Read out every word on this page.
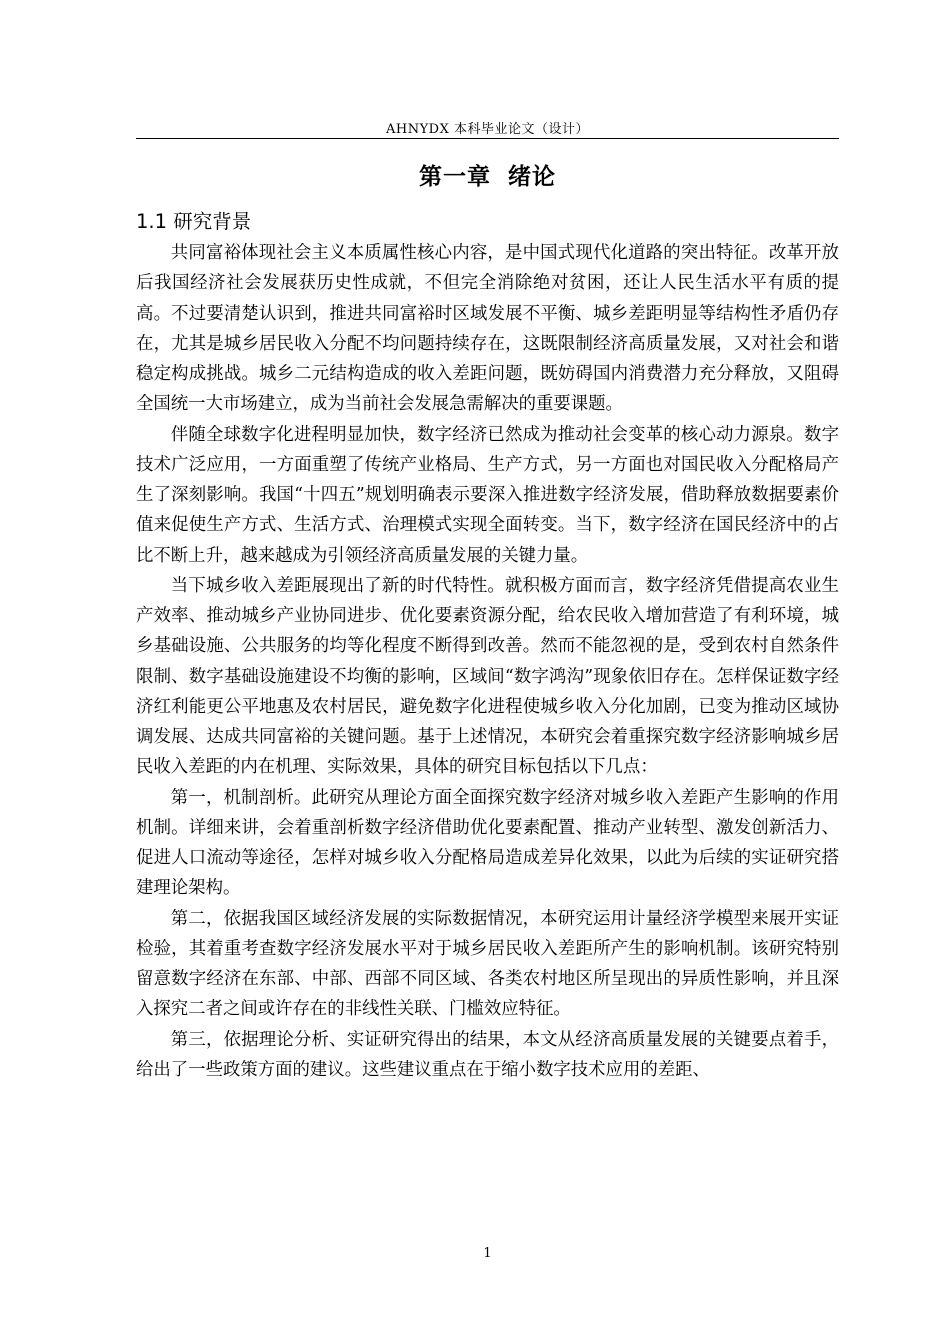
AHNYDX 本科毕业论文（设计）
第一章 绪论
1.1 研究背景

共同富裕体现社会主义本质属性核心内容，是中国式现代化道路的突出特征。改革开放后我国经济社会发展获历史性成就，不但完全消除绝对贫困，还让人民生活水平有质的提高。不过要清楚认识到，推进共同富裕时区域发展不平衡、城乡差距明显等结构性矛盾仍存在，尤其是城乡居民收入分配不均问题持续存在，这既限制经济高质量发展，又对社会和谐稳定构成挑战。城乡二元结构造成的收入差距问题，既妨碍国内消费潜力充分释放，又阻碍全国统一大市场建立，成为当前社会发展急需解决的重要课题。

伴随全球数字化进程明显加快，数字经济已然成为推动社会变革的核心动力源泉。数字技术广泛应用，一方面重塑了传统产业格局、生产方式，另一方面也对国民收入分配格局产生了深刻影响。我国“十四五”规划明确表示要深入推进数字经济发展，借助释放数据要素价值来促使生产方式、生活方式、治理模式实现全面转变。当下，数字经济在国民经济中的占比不断上升，越来越成为引领经济高质量发展的关键力量。

当下城乡收入差距展现出了新的时代特性。就积极方面而言，数字经济凭借提高农业生产效率、推动城乡产业协同进步、优化要素资源分配，给农民收入增加营造了有利环境，城乡基础设施、公共服务的均等化程度不断得到改善。然而不能忽视的是，受到农村自然条件限制、数字基础设施建设不均衡的影响，区域间“数字鸿沟”现象依旧存在。怎样保证数字经济红利能更公平地惠及农村居民，避免数字化进程使城乡收入分化加剧，已变为推动区域协调发展、达成共同富裕的关键问题。基于上述情况，本研究会着重探究数字经济影响城乡居民收入差距的内在机理、实际效果，具体的研究目标包括以下几点：

第一，机制剖析。此研究从理论方面全面探究数字经济对城乡收入差距产生影响的作用机制。详细来讲，会着重剖析数字经济借助优化要素配置、推动产业转型、激发创新活力、促进人口流动等途径，怎样对城乡收入分配格局造成差异化效果，以此为后续的实证研究搭建理论架构。

第二，依据我国区域经济发展的实际数据情况，本研究运用计量经济学模型来展开实证检验，其着重考查数字经济发展水平对于城乡居民收入差距所产生的影响机制。该研究特别留意数字经济在东部、中部、西部不同区域、各类农村地区所呈现出的异质性影响，并且深入探究二者之间或许存在的非线性关联、门槛效应特征。

第三，依据理论分析、实证研究得出的结果，本文从经济高质量发展的关键要点着手，给出了一些政策方面的建议。这些建议重点在于缩小数字技术应用的差距、

1
